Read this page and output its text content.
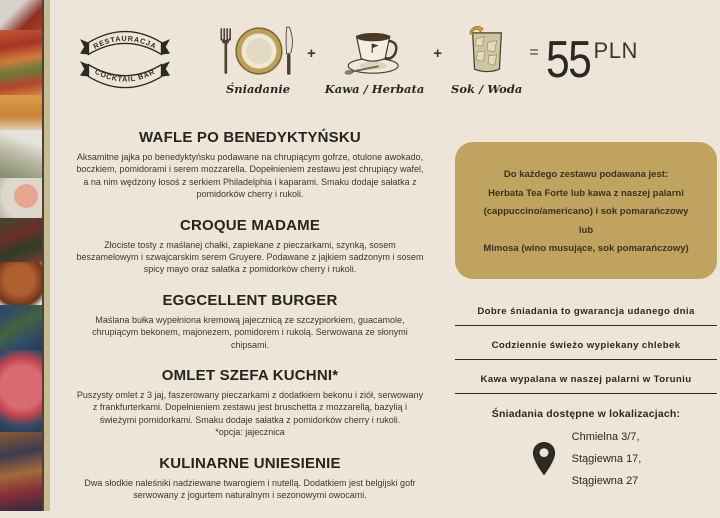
RESTAURACJA
COCKTAIL BAR
Śniadanie
+
Kawa / Herbata
+
Sok / Woda
= 55 PLN
WAFLE PO BENEDYKTYŃSKU

Aksamitne jajka po benedyktyńsku podawane na chrupiącym gofrze, otulone awokado, boczkiem, pomidorami i serem mozzarella. Dopełnieniem zestawu jest chrupiący wafel, a na nim wędzony łosoś z serkiem Philadelphia i kaparami. Smaku dodaje sałatka z pomidorków cherry i rukoli.

CROQUE MADAME

Złociste tosty z maślanej chałki, zapiekane z pieczarkami, szynką, sosem beszamelowym i szwajcarskim serem Gruyere. Podawane z jajkiem sadzonym i sosem spicy mayo oraz sałatka z pomidorków cherry i rukoli.

EGGCELLENT BURGER

Maślana bułka wypełniona kremową jajecznicą ze szczypiorkiem, guacamole, chrupiącym bekonem, majonezem, pomidorem i rukolą. Serwowana ze słonymi chipsami.

OMLET SZEFA KUCHNI*

Puszysty omlet z 3 jaj, faszerowany pieczarkami z dodatkiem bekonu i ziół, serwowany z frankfurterkami. Dopełnieniem zestawu jest bruschetta z mozzarellą, bazylią i świeżymi pomidorkami. Smaku dodaje sałatka z pomidorków cherry i rukoli.

*opcja: jajecznica

KULINARNE UNIESIENIE

Dwa słodkie naleśniki nadziewane twarogiem i nutellą. Dodatkiem jest belgijski gofr serwowany z jogurtem naturalnym i sezonowymi owocami.

Do każdego zestawu podawana jest:
Herbata Tea Forte lub kawa z naszej palarni
(cappuccino/americano) i sok pomarańczowy
lub
Mimosa (wino musujące, sok pomarańczowy)
Dobre śniadania to gwarancja udanego dnia
Codziennie świeżo wypiekany chlebek
Kawa wypalana w naszej palarni w Toruniu
Śniadania dostępne w lokalizacjach:
Chmielna 3/7,
Stągiewna 17,
Stągiewna 27
